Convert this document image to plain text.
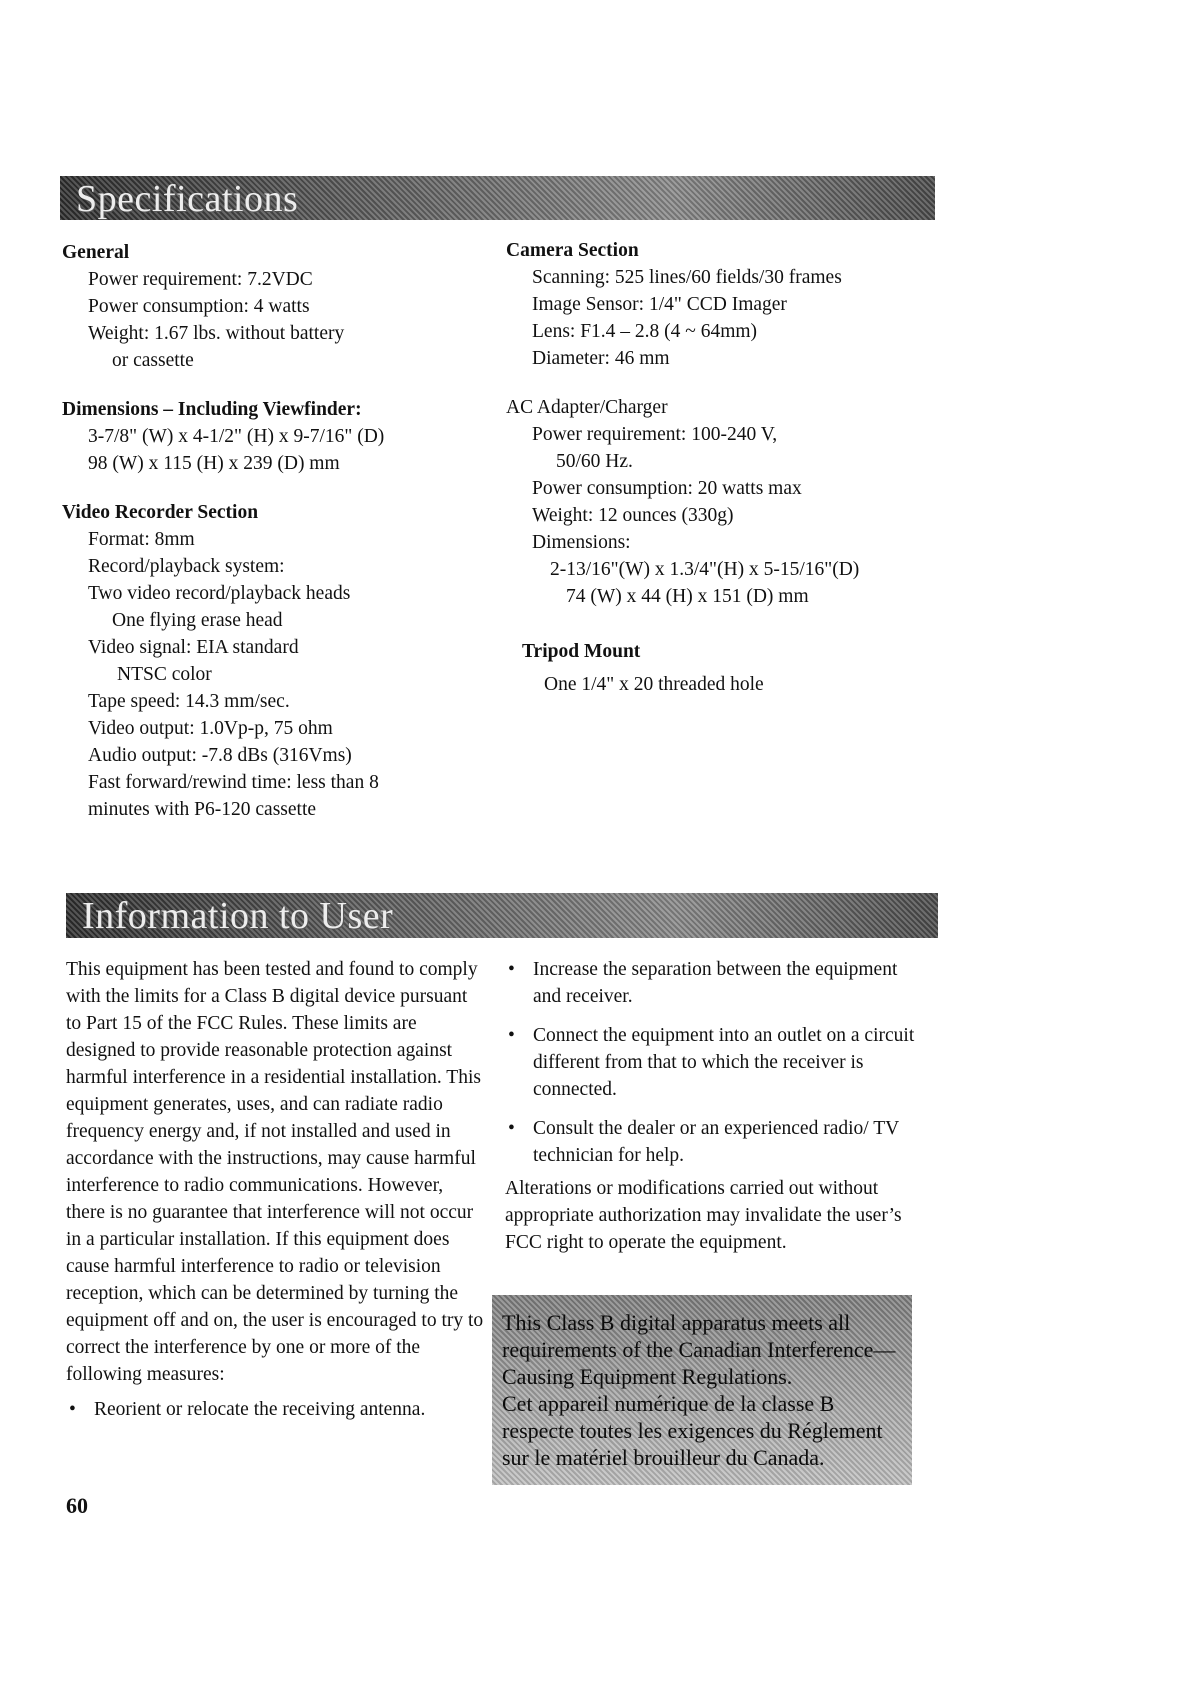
Specifications
General
Power requirement: 7.2VDC
Power consumption: 4 watts
Weight: 1.67 lbs. without battery
or cassette
Dimensions – Including Viewfinder:
3-7/8" (W) x 4-1/2" (H) x 9-7/16" (D)
98 (W) x 115 (H) x 239 (D) mm
Video Recorder Section
Format: 8mm
Record/playback system:
Two video record/playback heads
One flying erase head
Video signal: EIA standard
NTSC color
Tape speed: 14.3 mm/sec.
Video output: 1.0Vp-p, 75 ohm
Audio output: -7.8 dBs (316Vms)
Fast forward/rewind time: less than 8
minutes with P6-120 cassette
Camera Section
Scanning: 525 lines/60 fields/30 frames
Image Sensor: 1/4" CCD Imager
Lens: F1.4 – 2.8 (4 ~ 64mm)
Diameter: 46 mm
AC Adapter/Charger
Power requirement: 100-240 V,
50/60 Hz.
Power consumption: 20 watts max
Weight: 12 ounces (330g)
Dimensions:
2-13/16"(W) x 1.3/4"(H) x 5-15/16"(D)
74 (W) x 44 (H) x 151 (D) mm
Tripod Mount
One 1/4" x 20 threaded hole
Information to User

This equipment has been tested and found to comply with the limits for a Class B digital device pursuant to Part 15 of the FCC Rules. These limits are designed to provide reasonable protection against harmful interference in a residential installation. This equipment generates, uses, and can radiate radio frequency energy and, if not installed and used in accordance with the instructions, may cause harmful interference to radio communications. However, there is no guarantee that interference will not occur in a particular installation. If this equipment does cause harmful interference to radio or television reception, which can be determined by turning the equipment off and on, the user is encouraged to try to correct the interference by one or more of the following measures:

• Reorient or relocate the receiving antenna.
• Increase the separation between the equipment and receiver.
• Connect the equipment into an outlet on a circuit different from that to which the receiver is connected.
• Consult the dealer or an experienced radio/ TV technician for help.

Alterations or modifications carried out without appropriate authorization may invalidate the user’s FCC right to operate the equipment.

This Class B digital apparatus meets all requirements of the Canadian Interference—Causing Equipment Regulations.

Cet appareil numérique de la classe B respecte toutes les exigences du Réglement sur le matériel brouilleur du Canada.

60
